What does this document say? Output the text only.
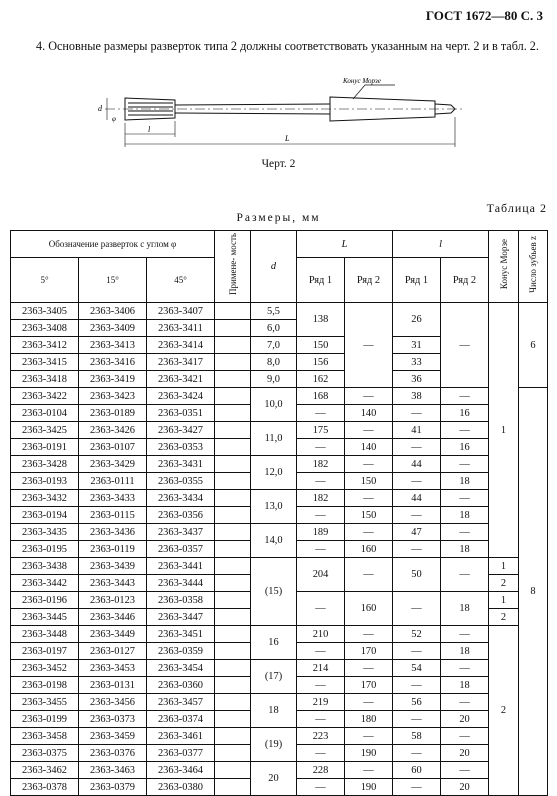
ГОСТ 1672—80 С. 3
4. Основные размеры разверток типа 2 должны соответствовать указанным на черт. 2 и в табл. 2.
Конус Морзе
d
φ
l
L
Черт. 2
Таблица 2
Размеры, мм
Обозначение разверток с углом φ			Примене- мость	d	L		l		Конус Морзе	Число зубьев z
5°	15°	45°			Ряд 1	Ряд 2	Ряд 1	Ряд 2		
2363-3405	2363-3406	2363-3407		5,5	138	—	26	—	1	6
2363-3408	2363-3409	2363-3411		6,0						
2363-3412	2363-3413	2363-3414		7,0	150		31			
2363-3415	2363-3416	2363-3417		8,0	156		33			
2363-3418	2363-3419	2363-3421		9,0	162		36			
2363-3422	2363-3423	2363-3424		10,0	168	—	38	—		8
2363-0104	2363-0189	2363-0351			—	140	—	16		
2363-3425	2363-3426	2363-3427		11,0	175	—	41	—		
2363-0191	2363-0107	2363-0353			—	140	—	16		
2363-3428	2363-3429	2363-3431		12,0	182	—	44	—		
2363-0193	2363-0111	2363-0355			—	150	—	18		
2363-3432	2363-3433	2363-3434		13,0	182	—	44	—		
2363-0194	2363-0115	2363-0356			—	150	—	18		
2363-3435	2363-3436	2363-3437		14,0	189	—	47	—		
2363-0195	2363-0119	2363-0357			—	160	—	18		
2363-3438	2363-3439	2363-3441		(15)	204	—	50	—	1	
2363-3442	2363-3443	2363-3444							2	
2363-0196	2363-0123	2363-0358			—	160	—	18	1	
2363-3445	2363-3446	2363-3447							2	
2363-3448	2363-3449	2363-3451		16	210	—	52	—	2	
2363-0197	2363-0127	2363-0359			—	170	—	18		
2363-3452	2363-3453	2363-3454		(17)	214	—	54	—		
2363-0198	2363-0131	2363-0360			—	170	—	18		
2363-3455	2363-3456	2363-3457		18	219	—	56	—		
2363-0199	2363-0373	2363-0374			—	180	—	20		
2363-3458	2363-3459	2363-3461		(19)	223	—	58	—		
2363-0375	2363-0376	2363-0377			—	190	—	20		
2363-3462	2363-3463	2363-3464		20	228	—	60	—		
2363-0378	2363-0379	2363-0380			—	190	—	20		
